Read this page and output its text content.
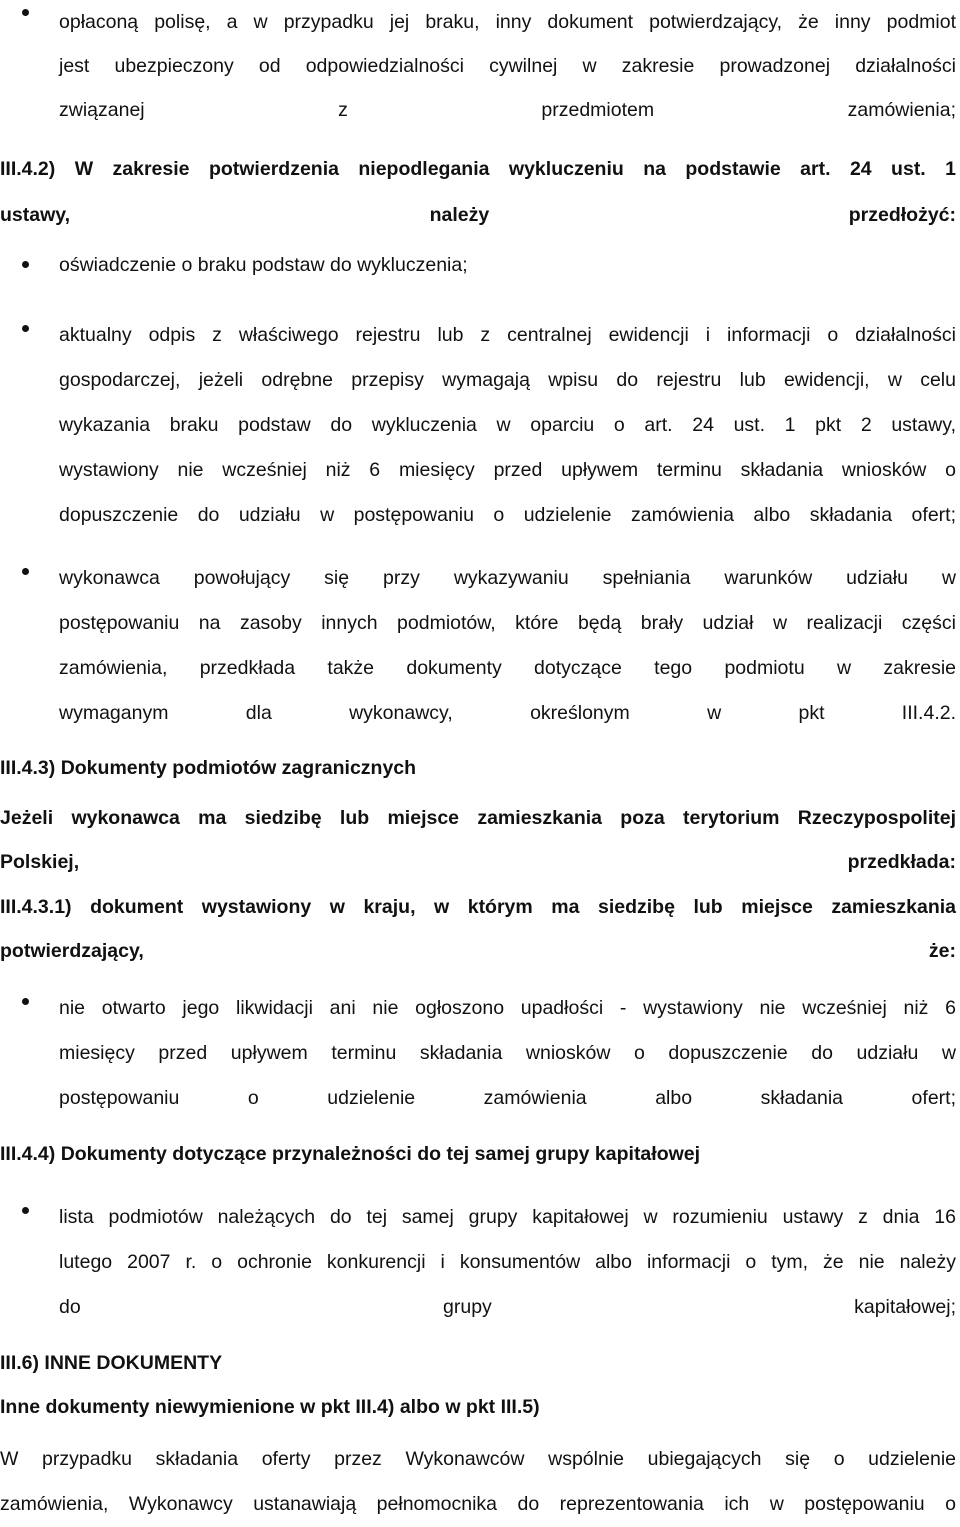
opłaconą polisę, a w przypadku jej braku, inny dokument potwierdzający, że inny podmiot
jest ubezpieczony od odpowiedzialności cywilnej w zakresie prowadzonej działalności
związanej z przedmiotem zamówienia;

III.4.2) W zakresie potwierdzenia niepodlegania wykluczeniu na podstawie art. 24 ust. 1
ustawy, należy przedłożyć:

oświadczenie o braku podstaw do wykluczenia;

aktualny odpis z właściwego rejestru lub z centralnej ewidencji i informacji o działalności
gospodarczej, jeżeli odrębne przepisy wymagają wpisu do rejestru lub ewidencji, w celu
wykazania braku podstaw do wykluczenia w oparciu o art. 24 ust. 1 pkt 2 ustawy,
wystawiony nie wcześniej niż 6 miesięcy przed upływem terminu składania wniosków o
dopuszczenie do udziału w postępowaniu o udzielenie zamówienia albo składania ofert;

wykonawca powołujący się przy wykazywaniu spełniania warunków udziału w
postępowaniu na zasoby innych podmiotów, które będą brały udział w realizacji części
zamówienia, przedkłada także dokumenty dotyczące tego podmiotu w zakresie
wymaganym dla wykonawcy, określonym w pkt III.4.2.

III.4.3) Dokumenty podmiotów zagranicznych

Jeżeli wykonawca ma siedzibę lub miejsce zamieszkania poza terytorium Rzeczypospolitej
Polskiej, przedkłada:

III.4.3.1) dokument wystawiony w kraju, w którym ma siedzibę lub miejsce zamieszkania
potwierdzający, że:

nie otwarto jego likwidacji ani nie ogłoszono upadłości - wystawiony nie wcześniej niż 6
miesięcy przed upływem terminu składania wniosków o dopuszczenie do udziału w
postępowaniu o udzielenie zamówienia albo składania ofert;

III.4.4) Dokumenty dotyczące przynależności do tej samej grupy kapitałowej

lista podmiotów należących do tej samej grupy kapitałowej w rozumieniu ustawy z dnia 16
lutego 2007 r. o ochronie konkurencji i konsumentów albo informacji o tym, że nie należy
do grupy kapitałowej;

III.6) INNE DOKUMENTY

Inne dokumenty niewymienione w pkt III.4) albo w pkt III.5)

W przypadku składania oferty przez Wykonawców wspólnie ubiegających się o udzielenie
zamówienia, Wykonawcy ustanawiają pełnomocnika do reprezentowania ich w postępowaniu o
